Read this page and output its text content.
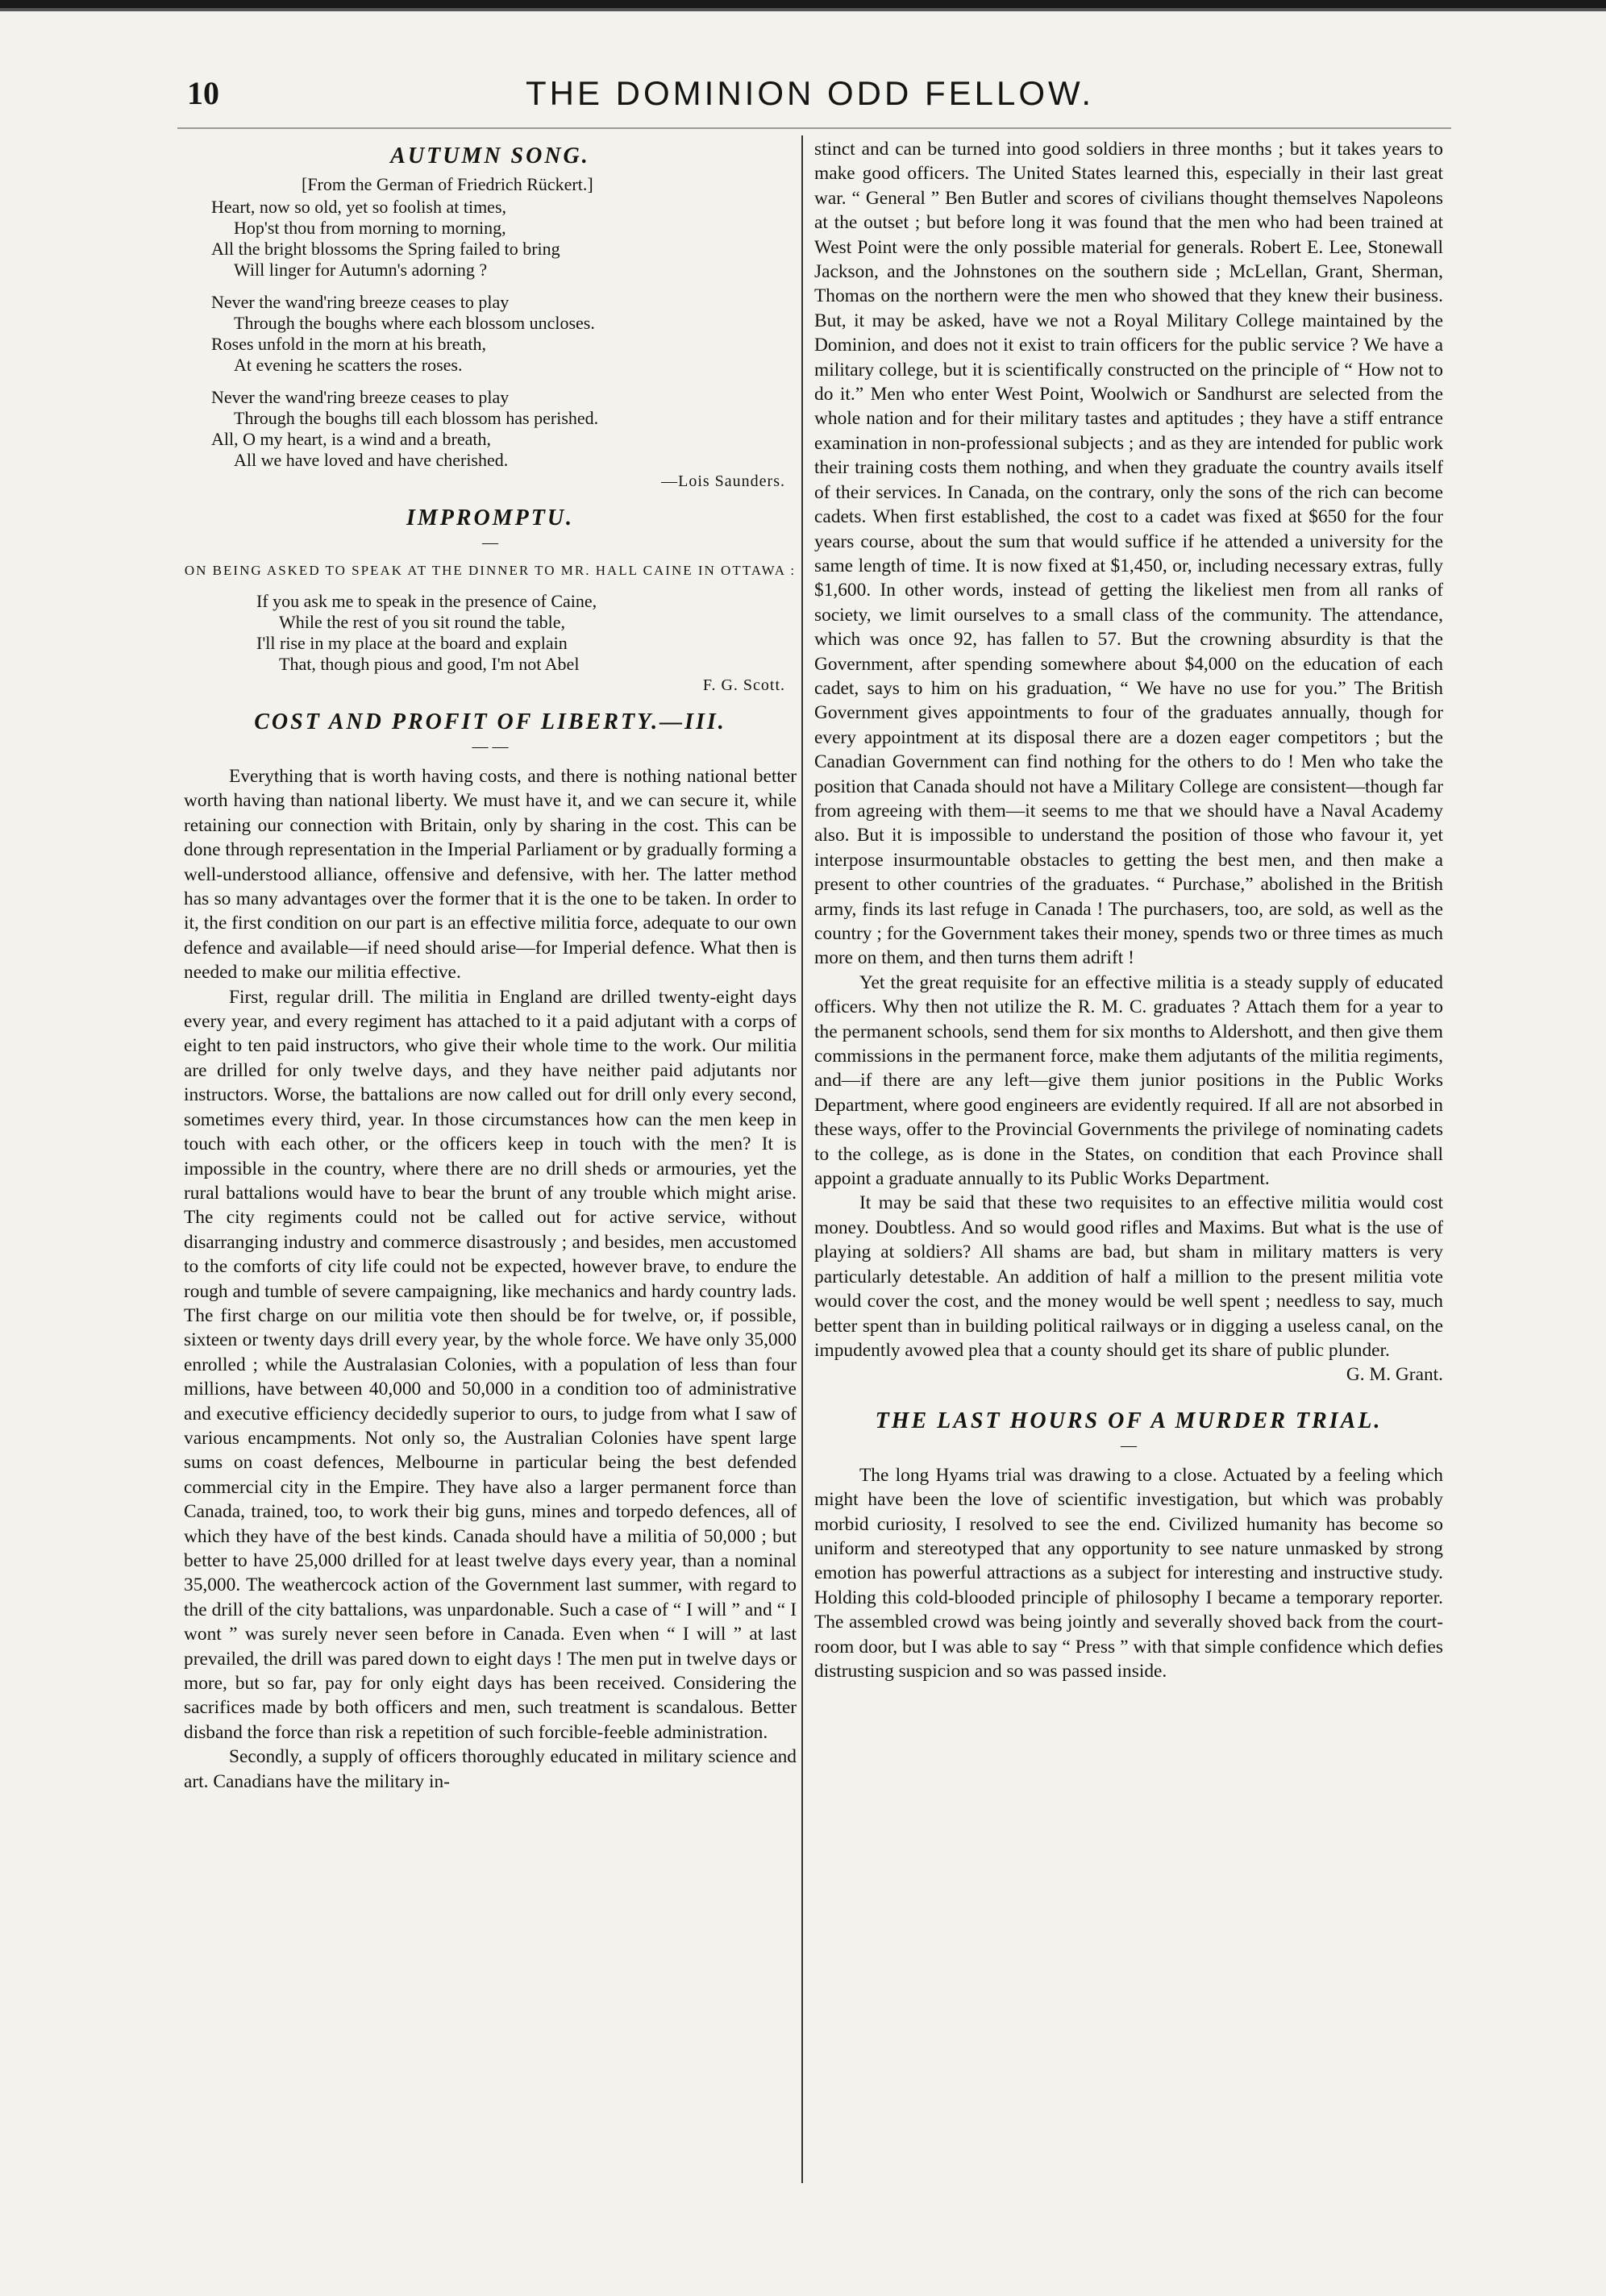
10	THE DOMINION ODD FELLOW.
AUTUMN SONG.
[From the German of Friedrich Rückert.]
Heart, now so old, yet so foolish at times,
Hop'st thou from morning to morning,
All the bright blossoms the Spring failed to bring
Will linger for Autumn's adorning ?
Never the wand'ring breeze ceases to play
Through the boughs where each blossom uncloses.
Roses unfold in the morn at his breath,
At evening he scatters the roses.
Never the wand'ring breeze ceases to play
Through the boughs till each blossom has perished.
All, O my heart, is a wind and a breath,
All we have loved and have cherished.
—Lois Saunders.
IMPROMPTU.
—
ON BEING ASKED TO SPEAK AT THE DINNER TO MR. HALL CAINE IN OTTAWA :
If you ask me to speak in the presence of Caine,
While the rest of you sit round the table,
I'll rise in my place at the board and explain
That, though pious and good, I'm not Abel
F. G. Scott.
COST AND PROFIT OF LIBERTY.—III.
— —

Everything that is worth having costs, and there is nothing national better worth having than national liberty. We must have it, and we can secure it, while retaining our connection with Britain, only by sharing in the cost. This can be done through representation in the Imperial Parliament or by gradually forming a well-understood alliance, offensive and defensive, with her. The latter method has so many advantages over the former that it is the one to be taken. In order to it, the first condition on our part is an effective militia force, adequate to our own defence and available—if need should arise—for Imperial defence. What then is needed to make our militia effective.

First, regular drill. The militia in England are drilled twenty-eight days every year, and every regiment has attached to it a paid adjutant with a corps of eight to ten paid instructors, who give their whole time to the work. Our militia are drilled for only twelve days, and they have neither paid adjutants nor instructors. Worse, the battalions are now called out for drill only every second, sometimes every third, year. In those circumstances how can the men keep in touch with each other, or the officers keep in touch with the men? It is impossible in the country, where there are no drill sheds or armouries, yet the rural battalions would have to bear the brunt of any trouble which might arise. The city regiments could not be called out for active service, without disarranging industry and commerce disastrously ; and besides, men accustomed to the comforts of city life could not be expected, however brave, to endure the rough and tumble of severe campaigning, like mechanics and hardy country lads. The first charge on our militia vote then should be for twelve, or, if possible, sixteen or twenty days drill every year, by the whole force. We have only 35,000 enrolled ; while the Australasian Colonies, with a population of less than four millions, have between 40,000 and 50,000 in a condition too of administrative and executive efficiency decidedly superior to ours, to judge from what I saw of various encampments. Not only so, the Australian Colonies have spent large sums on coast defences, Melbourne in particular being the best defended commercial city in the Empire. They have also a larger permanent force than Canada, trained, too, to work their big guns, mines and torpedo defences, all of which they have of the best kinds. Canada should have a militia of 50,000 ; but better to have 25,000 drilled for at least twelve days every year, than a nominal 35,000. The weathercock action of the Government last summer, with regard to the drill of the city battalions, was unpardonable. Such a case of “ I will ” and “ I wont ” was surely never seen before in Canada. Even when “ I will ” at last prevailed, the drill was pared down to eight days ! The men put in twelve days or more, but so far, pay for only eight days has been received. Considering the sacrifices made by both officers and men, such treatment is scandalous. Better disband the force than risk a repetition of such forcible-feeble administration.

Secondly, a supply of officers thoroughly educated in military science and art. Canadians have the military in-

stinct and can be turned into good soldiers in three months ; but it takes years to make good officers. The United States learned this, especially in their last great war. “ General ” Ben Butler and scores of civilians thought themselves Napoleons at the outset ; but before long it was found that the men who had been trained at West Point were the only possible material for generals. Robert E. Lee, Stonewall Jackson, and the Johnstones on the southern side ; McLellan, Grant, Sherman, Thomas on the northern were the men who showed that they knew their business. But, it may be asked, have we not a Royal Military College maintained by the Dominion, and does not it exist to train officers for the public service ? We have a military college, but it is scientifically constructed on the principle of “ How not to do it.” Men who enter West Point, Woolwich or Sandhurst are selected from the whole nation and for their military tastes and aptitudes ; they have a stiff entrance examination in non-professional subjects ; and as they are intended for public work their training costs them nothing, and when they graduate the country avails itself of their services. In Canada, on the contrary, only the sons of the rich can become cadets. When first established, the cost to a cadet was fixed at $650 for the four years course, about the sum that would suffice if he attended a university for the same length of time. It is now fixed at $1,450, or, including necessary extras, fully $1,600. In other words, instead of getting the likeliest men from all ranks of society, we limit ourselves to a small class of the community. The attendance, which was once 92, has fallen to 57. But the crowning absurdity is that the Government, after spending somewhere about $4,000 on the education of each cadet, says to him on his graduation, “ We have no use for you.” The British Government gives appointments to four of the graduates annually, though for every appointment at its disposal there are a dozen eager competitors ; but the Canadian Government can find nothing for the others to do ! Men who take the position that Canada should not have a Military College are consistent—though far from agreeing with them—it seems to me that we should have a Naval Academy also. But it is impossible to understand the position of those who favour it, yet interpose insurmountable obstacles to getting the best men, and then make a present to other countries of the graduates. “ Purchase,” abolished in the British army, finds its last refuge in Canada ! The purchasers, too, are sold, as well as the country ; for the Government takes their money, spends two or three times as much more on them, and then turns them adrift !

Yet the great requisite for an effective militia is a steady supply of educated officers. Why then not utilize the R. M. C. graduates ? Attach them for a year to the permanent schools, send them for six months to Aldershott, and then give them commissions in the permanent force, make them adjutants of the militia regiments, and—if there are any left—give them junior positions in the Public Works Department, where good engineers are evidently required. If all are not absorbed in these ways, offer to the Provincial Governments the privilege of nominating cadets to the college, as is done in the States, on condition that each Province shall appoint a graduate annually to its Public Works Department.

It may be said that these two requisites to an effective militia would cost money. Doubtless. And so would good rifles and Maxims. But what is the use of playing at soldiers? All shams are bad, but sham in military matters is very particularly detestable. An addition of half a million to the present militia vote would cover the cost, and the money would be well spent ; needless to say, much better spent than in building political railways or in digging a useless canal, on the impudently avowed plea that a county should get its share of public plunder.

G. M. Grant.
THE LAST HOURS OF A MURDER TRIAL.
—

The long Hyams trial was drawing to a close. Actuated by a feeling which might have been the love of scientific investigation, but which was probably morbid curiosity, I resolved to see the end. Civilized humanity has become so uniform and stereotyped that any opportunity to see nature unmasked by strong emotion has powerful attractions as a subject for interesting and instructive study. Holding this cold-blooded principle of philosophy I became a temporary reporter. The assembled crowd was being jointly and severally shoved back from the court-room door, but I was able to say “ Press ” with that simple confidence which defies distrusting suspicion and so was passed inside.
